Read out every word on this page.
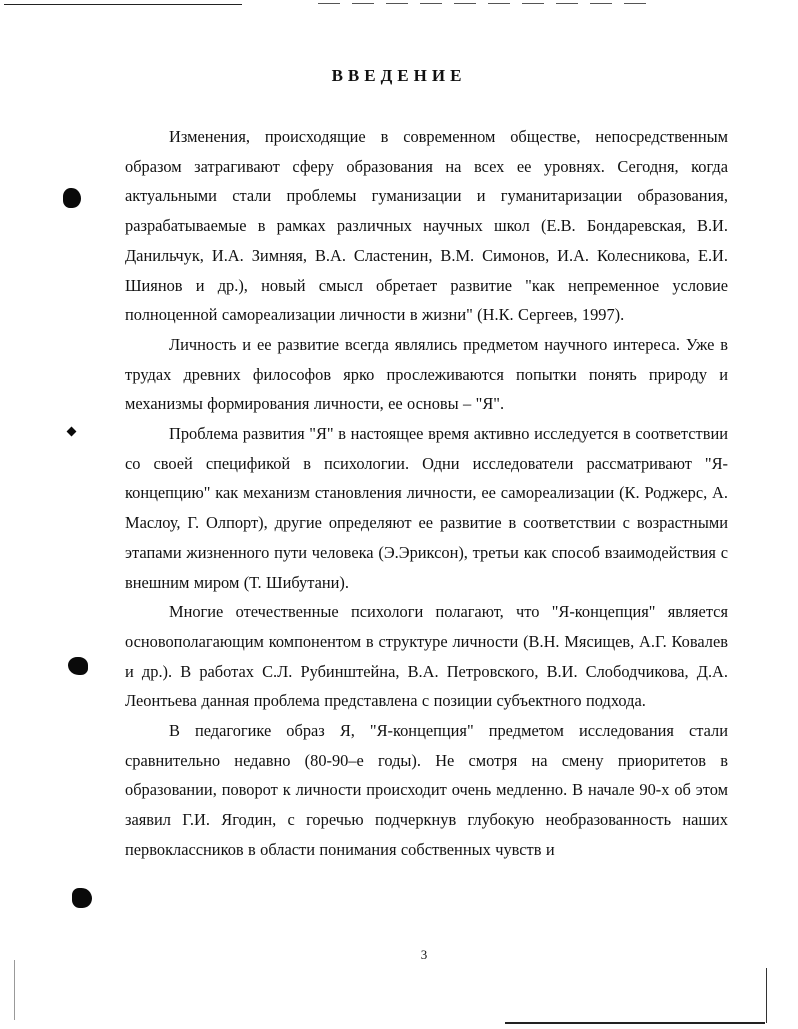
ВВЕДЕНИЕ

Изменения, происходящие в современном обществе, непосредственным образом затрагивают сферу образования на всех ее уровнях. Сегодня, когда актуальными стали проблемы гуманизации и гуманитаризации образования, разрабатываемые в рамках различных научных школ (Е.В. Бондаревская, В.И. Данильчук, И.А. Зимняя, В.А. Сластенин, В.М. Симонов, И.А. Колесникова, Е.И. Шиянов и др.), новый смысл обретает развитие "как непременное условие полноценной самореализации личности в жизни" (Н.К. Сергеев, 1997).

Личность и ее развитие всегда являлись предметом научного интереса. Уже в трудах древних философов ярко прослеживаются попытки понять природу и механизмы формирования личности, ее основы – "Я".

Проблема развития "Я" в настоящее время активно исследуется в соответствии со своей спецификой в психологии. Одни исследователи рассматривают "Я-концепцию" как механизм становления личности, ее самореализации (К. Роджерс, А. Маслоу, Г. Олпорт), другие определяют ее развитие в соответствии с возрастными этапами жизненного пути человека (Э.Эриксон), третьи как способ взаимодействия с внешним миром (Т. Шибутани).

Многие отечественные психологи полагают, что "Я-концепция" является основополагающим компонентом в структуре личности (В.Н. Мясищев, А.Г. Ковалев и др.). В работах С.Л. Рубинштейна, В.А. Петровского, В.И. Слободчикова, Д.А. Леонтьева данная проблема представлена с позиции субъектного подхода.

В педагогике образ Я, "Я-концепция" предметом исследования стали сравнительно недавно (80-90–е годы). Не смотря на смену приоритетов в образовании, поворот к личности происходит очень медленно. В начале 90-х об этом заявил Г.И. Ягодин, с горечью подчеркнув глубокую необразованность наших первоклассников в области понимания собственных чувств и

3
